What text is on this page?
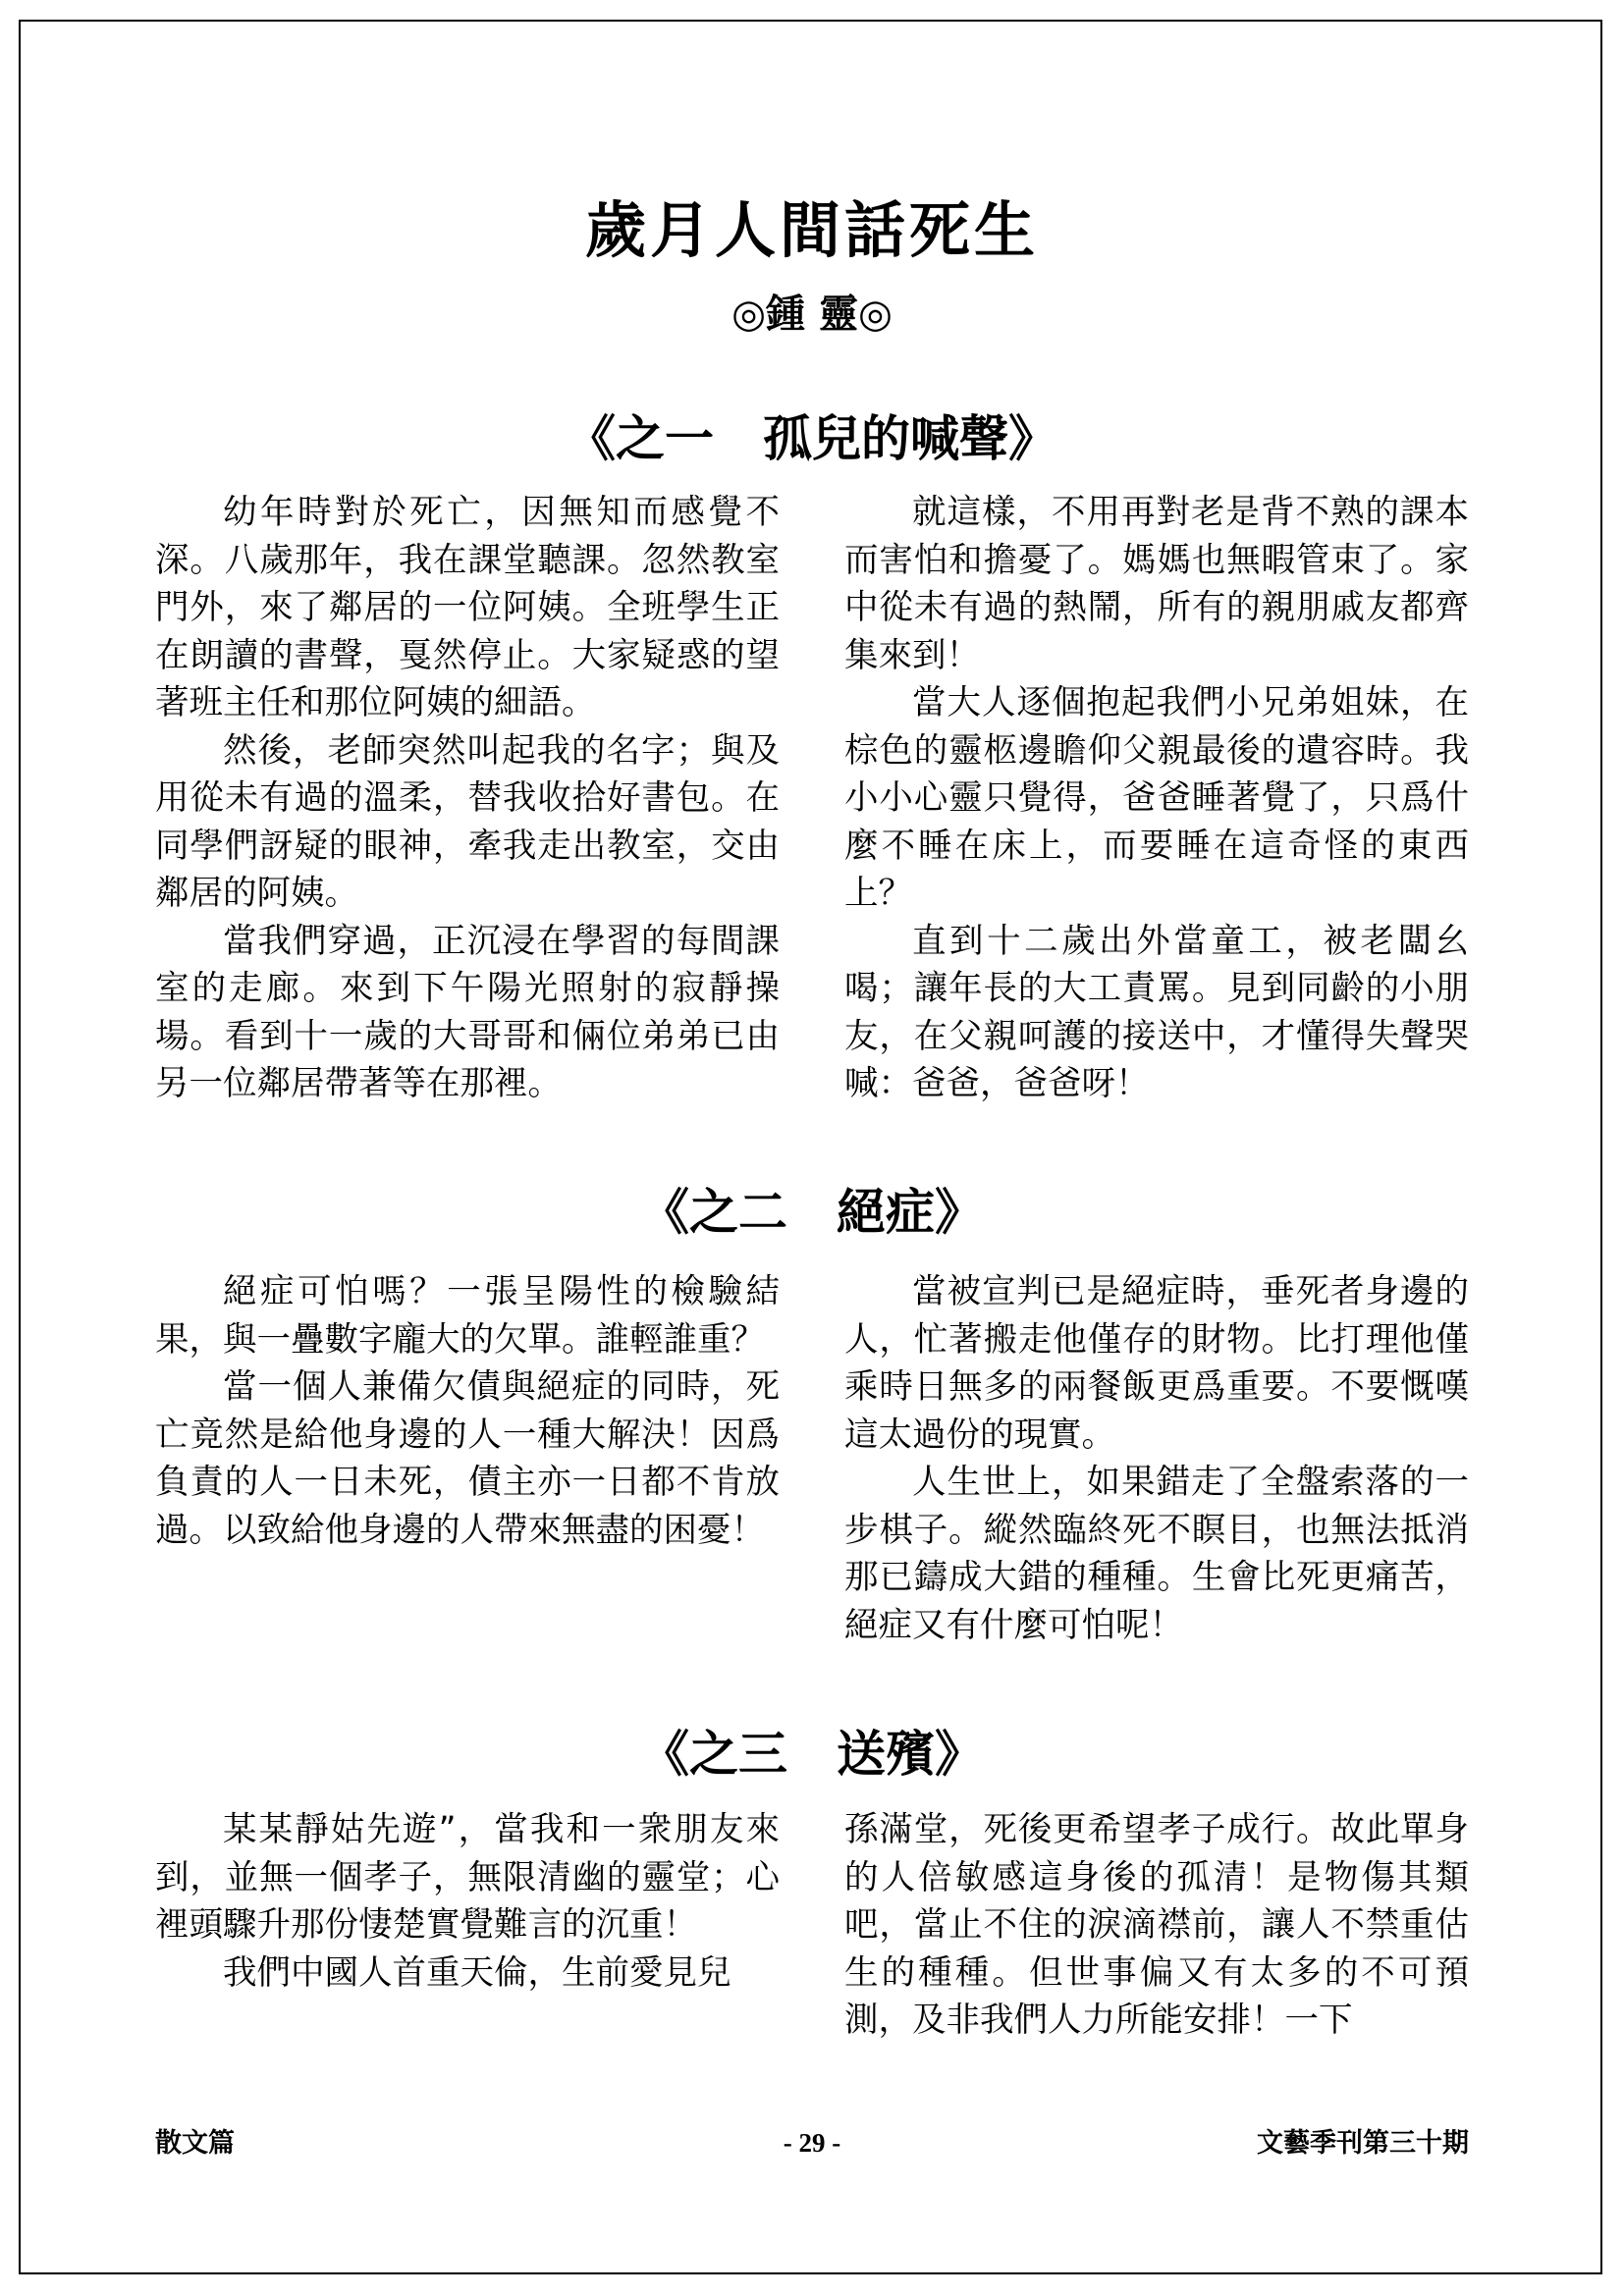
歲月人間話死生
◎鍾 靈◎
《之一　孤兒的喊聲》

幼年時對於死亡，因無知而感覺不深。八歲那年，我在課堂聽課。忽然教室門外，來了鄰居的一位阿姨。全班學生正在朗讀的書聲，戛然停止。大家疑惑的望著班主任和那位阿姨的細語。

然後，老師突然叫起我的名字；與及用從未有過的溫柔，替我收拾好書包。在同學們訝疑的眼神，牽我走出教室，交由鄰居的阿姨。

當我們穿過，正沉浸在學習的每間課室的走廊。來到下午陽光照射的寂靜操場。看到十一歲的大哥哥和倆位弟弟已由另一位鄰居帶著等在那裡。

就這樣，不用再對老是背不熟的課本而害怕和擔憂了。媽媽也無暇管束了。家中從未有過的熱鬧，所有的親朋戚友都齊集來到！

當大人逐個抱起我們小兄弟姐妹，在棕色的靈柩邊瞻仰父親最後的遺容時。我小小心靈只覺得，爸爸睡著覺了，只爲什麼不睡在床上，而要睡在這奇怪的東西上？

直到十二歲出外當童工，被老闆幺喝；讓年長的大工責罵。見到同齡的小朋友，在父親呵護的接送中，才懂得失聲哭喊：爸爸，爸爸呀！

《之二　絕症》

絕症可怕嗎？一張呈陽性的檢驗結果，與一疊數字龐大的欠單。誰輕誰重？

當一個人兼備欠債與絕症的同時，死亡竟然是給他身邊的人一種大解決！因爲負責的人一日未死，債主亦一日都不肯放過。以致給他身邊的人帶來無盡的困憂！

當被宣判已是絕症時，垂死者身邊的人，忙著搬走他僅存的財物。比打理他僅乘時日無多的兩餐飯更爲重要。不要慨嘆這太過份的現實。

人生世上，如果錯走了全盤索落的一步棋子。縱然臨終死不瞑目，也無法抵消那已鑄成大錯的種種。生會比死更痛苦，絕症又有什麼可怕呢！

《之三　送殯》

某某靜姑先遊”，當我和一衆朋友來到，並無一個孝子，無限清幽的靈堂；心裡頭驟升那份悽楚實覺難言的沉重！

我們中國人首重天倫，生前愛見兒

孫滿堂，死後更希望孝子成行。故此單身的人倍敏感這身後的孤清！是物傷其類吧，當止不住的淚滴襟前，讓人不禁重估生的種種。但世事偏又有太多的不可預測，及非我們人力所能安排！一下

散文篇	- 29 -	文藝季刊第三十期
